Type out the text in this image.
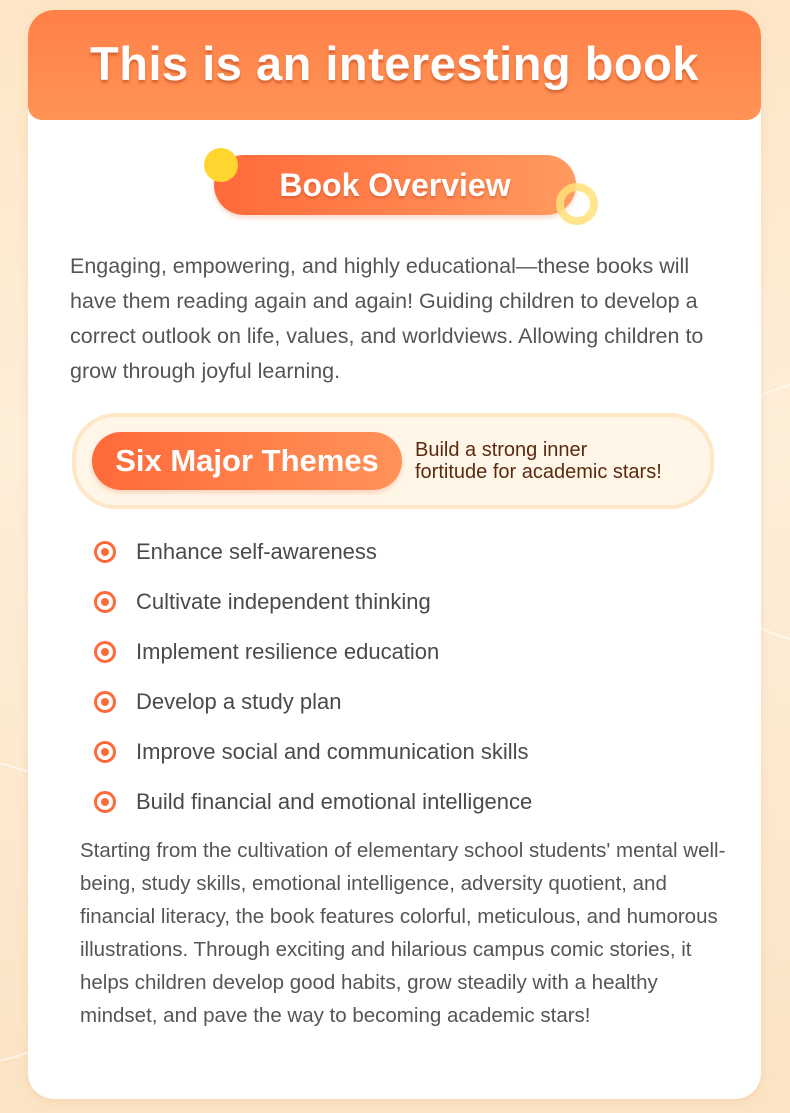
This is an interesting book
Book Overview
Engaging, empowering, and highly educational—these books will have them reading again and again! Guiding children to develop a correct outlook on life, values, and worldviews. Allowing children to grow through joyful learning.
Six Major Themes Build a strong inner
fortitude for academic stars!
Enhance self-awareness
Cultivate independent thinking
Implement resilience education
Develop a study plan
Improve social and communication skills
Build financial and emotional intelligence
Starting from the cultivation of elementary school students' mental well-being, study skills, emotional intelligence, adversity quotient, and financial literacy, the book features colorful, meticulous, and humorous illustrations. Through exciting and hilarious campus comic stories, it helps children develop good habits, grow steadily with a healthy mindset, and pave the way to becoming academic stars!
